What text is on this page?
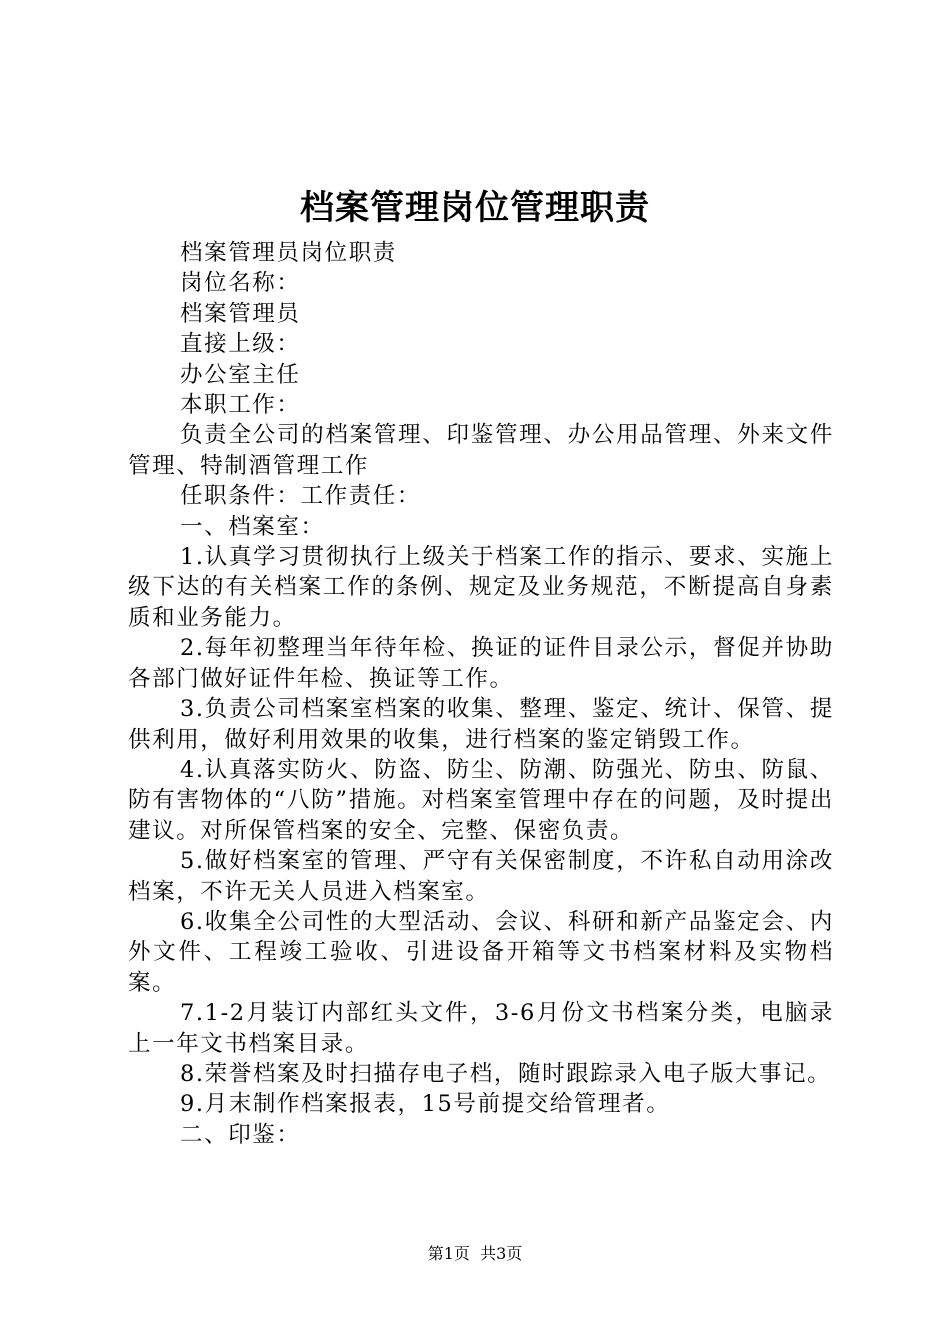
档案管理岗位管理职责

档案管理员岗位职责

岗位名称：

档案管理员

直接上级：

办公室主任

本职工作：

负责全公司的档案管理、印鉴管理、办公用品管理、外来文件管理、特制酒管理工作

任职条件：工作责任：

一、档案室：

1.认真学习贯彻执行上级关于档案工作的指示、要求、实施上级下达的有关档案工作的条例、规定及业务规范，不断提高自身素质和业务能力。

2.每年初整理当年待年检、换证的证件目录公示，督促并协助各部门做好证件年检、换证等工作。

3.负责公司档案室档案的收集、整理、鉴定、统计、保管、提供利用，做好利用效果的收集，进行档案的鉴定销毁工作。

4.认真落实防火、防盗、防尘、防潮、防强光、防虫、防鼠、防有害物体的“八防”措施。对档案室管理中存在的问题，及时提出建议。对所保管档案的安全、完整、保密负责。

5.做好档案室的管理、严守有关保密制度，不许私自动用涂改档案，不许无关人员进入档案室。

6.收集全公司性的大型活动、会议、科研和新产品鉴定会、内外文件、工程竣工验收、引进设备开箱等文书档案材料及实物档案。

7.1-2月装订内部红头文件，3-6月份文书档案分类，电脑录上一年文书档案目录。

8.荣誉档案及时扫描存电子档，随时跟踪录入电子版大事记。

9.月末制作档案报表，15号前提交给管理者。

二、印鉴：

第1页 共3页
